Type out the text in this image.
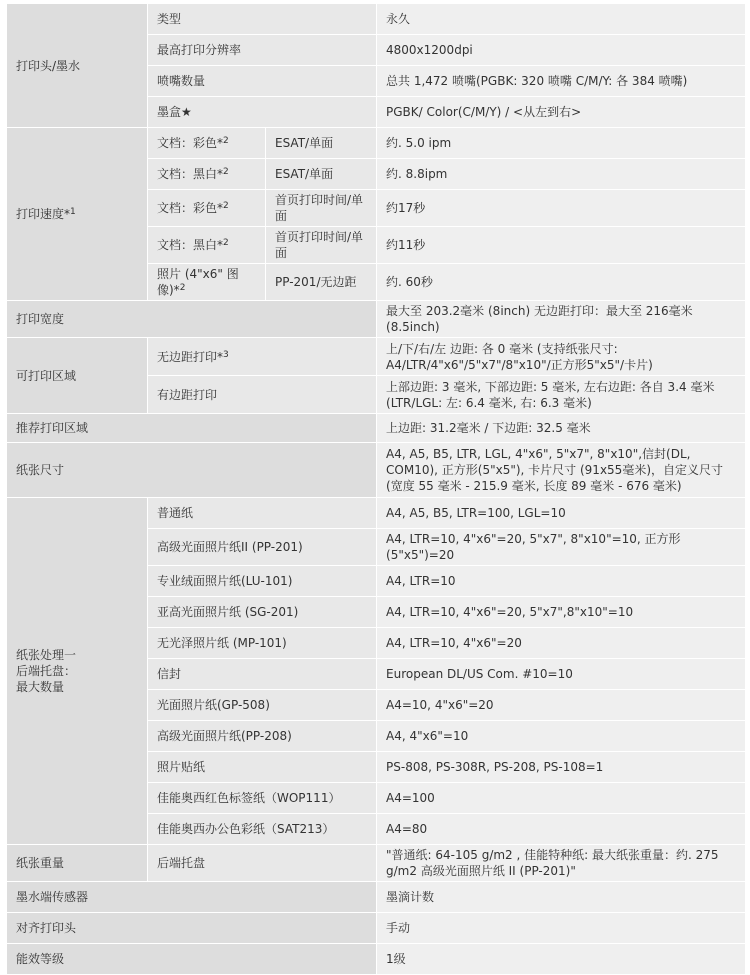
打印头/墨水	类型		永久
	最高打印分辨率		4800x1200dpi
	喷嘴数量		总共 1,472 喷嘴(PGBK: 320 喷嘴 C/M/Y: 各 384 喷嘴)
	墨盒★		PGBK/ Color(C/M/Y) / <从左到右>
打印速度*$^1$	文档：彩色*$^2$	ESAT/单面	约. 5.0 ipm
	文档：黑白*$^2$	ESAT/单面	约. 8.8ipm
	文档：彩色*$^2$	首页打印时间/单面	约17秒
	文档：黑白*$^2$	首页打印时间/单面	约11秒
	照片 (4"x6" 图像)*$^2$	PP-201/无边距	约. 60秒
打印宽度			最大至 203.2毫米 (8inch) 无边距打印：最大至 216毫米 (8.5inch)
可打印区域	无边距打印*$^3$		上/下/右/左 边距: 各 0 毫米 (支持纸张尺寸: A4/LTR/4"x6"/5"x7"/8"x10"/正方形5"x5"/卡片)
	有边距打印		上部边距: 3 毫米, 下部边距: 5 毫米, 左右边距: 各自 3.4 毫米 (LTR/LGL: 左: 6.4 毫米, 右: 6.3 毫米)
推荐打印区域			上边距: 31.2毫米 / 下边距: 32.5 毫米
纸张尺寸			A4, A5, B5, LTR, LGL, 4"x6", 5"x7", 8"x10",信封(DL, COM10), 正方形(5"x5"), 卡片尺寸 (91x55毫米)，自定义尺寸 (宽度 55 毫米 - 215.9 毫米, 长度 89 毫米 - 676 毫米)

纸张处理一
后端托盘：
最大数量	普通纸		A4, A5, B5, LTR=100, LGL=10
	高级光面照片纸II (PP-201)		A4, LTR=10, 4"x6"=20, 5"x7", 8"x10"=10, 正方形(5"x5")=20
	专业绒面照片纸(LU-101)		A4, LTR=10
	亚高光面照片纸 (SG-201)		A4, LTR=10, 4"x6"=20, 5"x7",8"x10"=10
	无光泽照片纸 (MP-101)		A4, LTR=10, 4"x6"=20
	信封		European DL/US Com. #10=10
	光面照片纸(GP-508)		A4=10, 4"x6"=20
	高级光面照片纸(PP-208)		A4, 4"x6"=10
	照片贴纸		PS-808, PS-308R, PS-208, PS-108=1
	佳能奥西红色标签纸（WOP111）		A4=100
	佳能奥西办公色彩纸（SAT213）		A4=80
纸张重量	后端托盘		"普通纸: 64-105 g/m2 , 佳能特种纸: 最大纸张重量：约. 275 g/m2 高级光面照片纸 II (PP-201)"
墨水端传感器			墨滴计数
对齐打印头			手动
能效等级			1级
